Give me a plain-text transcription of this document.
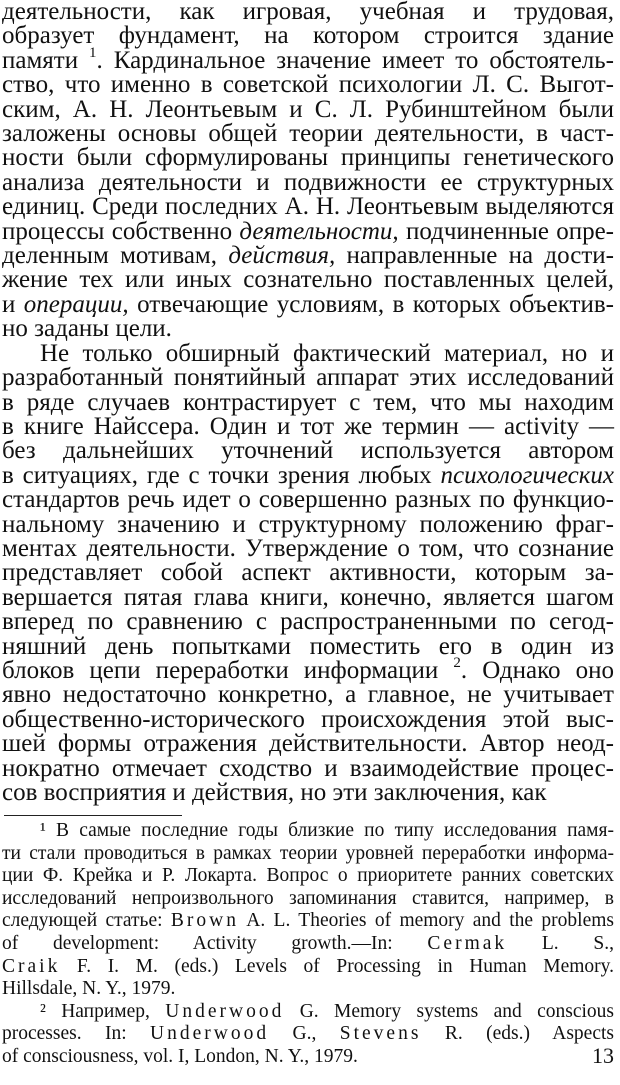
деятельности, как игровая, учебная и трудовая,
образует фундамент, на котором строится здание
памяти $^1$. Кардинальное значение имеет то обстоятель-
ство, что именно в советской психологии Л. С. Выгот-
ским, А. Н. Леонтьевым и С. Л. Рубинштейном были
заложены основы общей теории деятельности, в част-
ности были сформулированы принципы генетического
анализа деятельности и подвижности ее структурных
единиц. Среди последних А. Н. Леонтьевым выделяются
процессы собственно деятельности, подчиненные опре-
деленным мотивам, действия, направленные на дости-
жение тех или иных сознательно поставленных целей,
и операции, отвечающие условиям, в которых объектив-
но заданы цели.
Не только обширный фактический материал, но и
разработанный понятийный аппарат этих исследований
в ряде случаев контрастирует с тем, что мы находим
в книге Найссера. Один и тот же термин — activity —
без дальнейших уточнений используется автором
в ситуациях, где с точки зрения любых психологических
стандартов речь идет о совершенно разных по функцио-
нальному значению и структурному положению фраг-
ментах деятельности. Утверждение о том, что сознание
представляет собой аспект активности, которым за-
вершается пятая глава книги, конечно, является шагом
вперед по сравнению с распространенными по сегод-
няшний день попытками поместить его в один из
блоков цепи переработки информации $^2$. Однако оно
явно недостаточно конкретно, а главное, не учитывает
общественно-исторического происхождения этой выс-
шей формы отражения действительности. Автор неод-
нократно отмечает сходство и взаимодействие процес-
сов восприятия и действия, но эти заключения, как
¹ В самые последние годы близкие по типу исследования памя-
ти стали проводиться в рамках теории уровней переработки информа-
ции Ф. Крейка и Р. Локарта. Вопрос о приоритете ранних советских
исследований непроизвольного запоминания ставится, например, в
следующей статье: Brown A. L. Theories of memory and the problems
of development: Activity growth.—In: Cermak L. S.,
Craik F. I. M. (eds.) Levels of Processing in Human Memory.
Hillsdale, N. Y., 1979.
² Например, Underwood G. Memory systems and conscious
processes. In: Underwood G., Stevens R. (eds.) Aspects
of consciousness, vol. I, London, N. Y., 1979.	13
